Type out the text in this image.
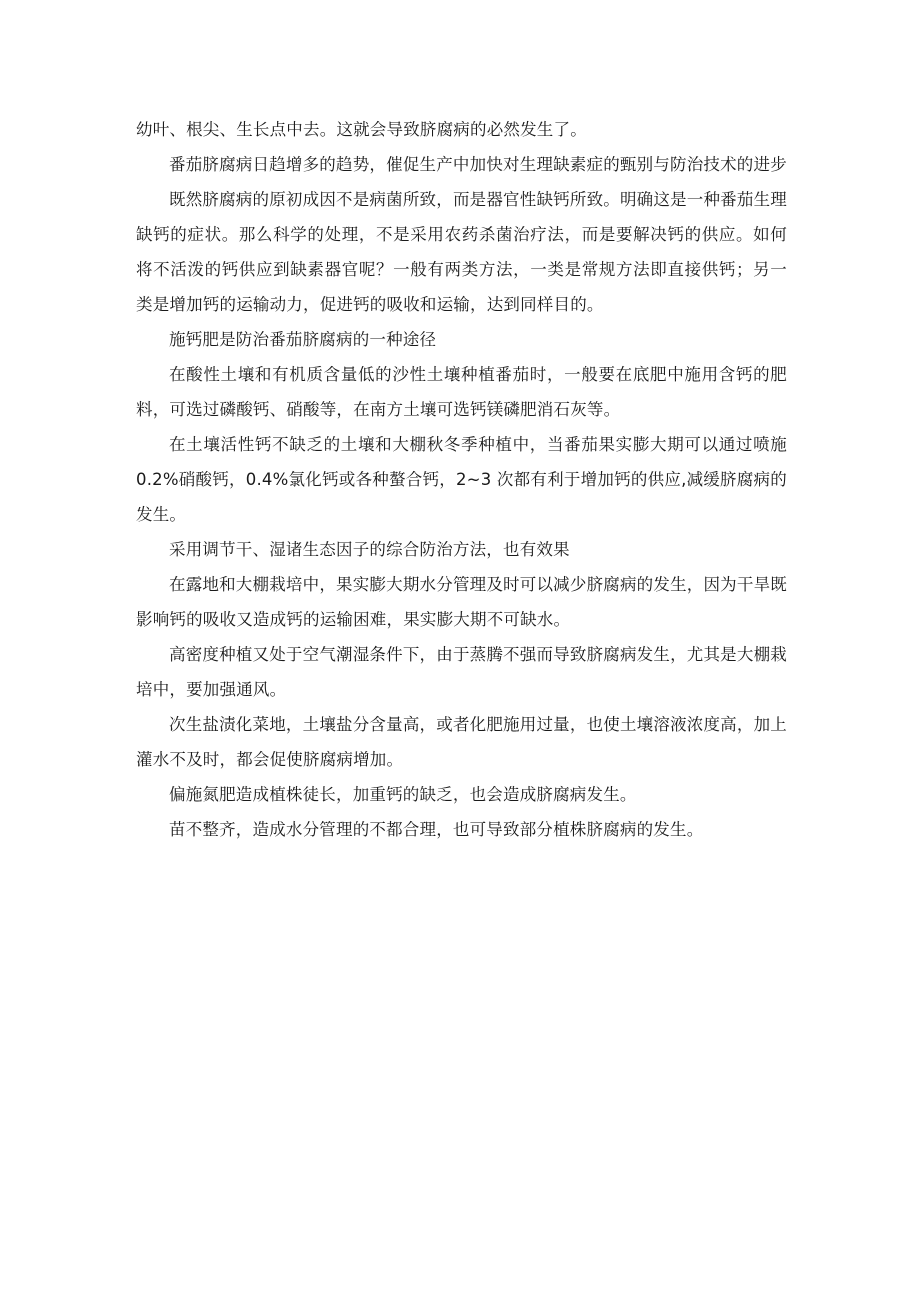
幼叶、根尖、生长点中去。这就会导致脐腐病的必然发生了。

番茄脐腐病日趋增多的趋势，催促生产中加快对生理缺素症的甄别与防治技术的进步

既然脐腐病的原初成因不是病菌所致，而是器官性缺钙所致。明确这是一种番茄生理缺钙的症状。那么科学的处理，不是采用农药杀菌治疗法，而是要解决钙的供应。如何将不活泼的钙供应到缺素器官呢？一般有两类方法，一类是常规方法即直接供钙；另一类是增加钙的运输动力，促进钙的吸收和运输，达到同样目的。

施钙肥是防治番茄脐腐病的一种途径

在酸性土壤和有机质含量低的沙性土壤种植番茄时，一般要在底肥中施用含钙的肥料，可选过磷酸钙、硝酸等，在南方土壤可选钙镁磷肥消石灰等。

在土壤活性钙不缺乏的土壤和大棚秋冬季种植中，当番茄果实膨大期可以通过喷施0.2%硝酸钙，0.4%氯化钙或各种螯合钙，2~3 次都有利于增加钙的供应,减缓脐腐病的发生。

采用调节干、湿诸生态因子的综合防治方法，也有效果

在露地和大棚栽培中，果实膨大期水分管理及时可以减少脐腐病的发生，因为干旱既影响钙的吸收又造成钙的运输困难，果实膨大期不可缺水。

高密度种植又处于空气潮湿条件下，由于蒸腾不强而导致脐腐病发生，尤其是大棚栽培中，要加强通风。

次生盐渍化菜地，土壤盐分含量高，或者化肥施用过量，也使土壤溶液浓度高，加上灌水不及时，都会促使脐腐病增加。

偏施氮肥造成植株徒长，加重钙的缺乏，也会造成脐腐病发生。

苗不整齐，造成水分管理的不都合理，也可导致部分植株脐腐病的发生。
